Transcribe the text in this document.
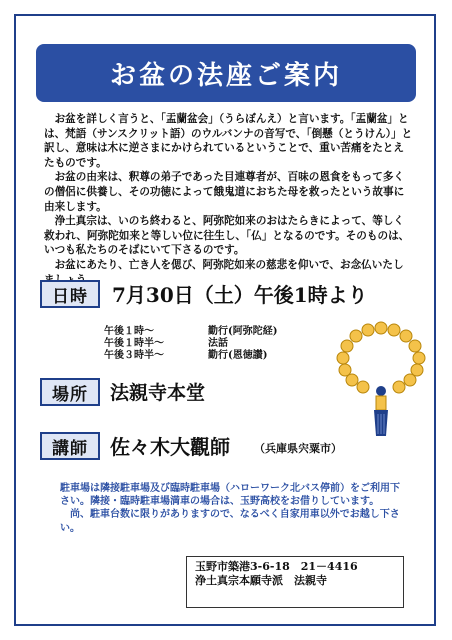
お盆の法座ご案内

お盆を詳しく言うと、「盂蘭盆会」（うらぼんえ）と言います。「盂蘭盆」とは、梵語（サンスクリット語）のウルバンナの音写で、「倒懸（とうけん）」と訳し、意味は木に逆さまにかけられているということで、重い苦痛をたとえたものです。

お盆の由来は、釈尊の弟子であった目連尊者が、百味の恩食をもって多くの僧侶に供養し、その功徳によって餓鬼道におちた母を救ったという故事に由来します。

浄土真宗は、いのち終わると、阿弥陀如来のおはたらきによって、等しく救われ、阿弥陀如来と等しい位に往生し、「仏」となるのです。そのものは、いつも私たちのそばにいて下さるのです。

お盆にあたり、亡き人を偲び、阿弥陀如来の慈悲を仰いで、お念仏いたし

日時	7月30日（土）午後1時より
午後１時～	勤行(阿弥陀経)
午後１時半～	法話
午後３時半～	勤行(恩徳讃)
場所	法親寺本堂
講師	佐々木大觀師 （兵庫県宍粟市）

駐車場は隣接駐車場及び臨時駐車場（ハローワーク北バス停前）をご利用下さい。隣接・臨時駐車場満車の場合は、玉野高校をお借りしています。

尚、駐車台数に限りがありますので、なるべく自家用車以外でお越し下さい。

玉野市築港3-6-18　21－4416
浄土真宗本願寺派　法親寺
